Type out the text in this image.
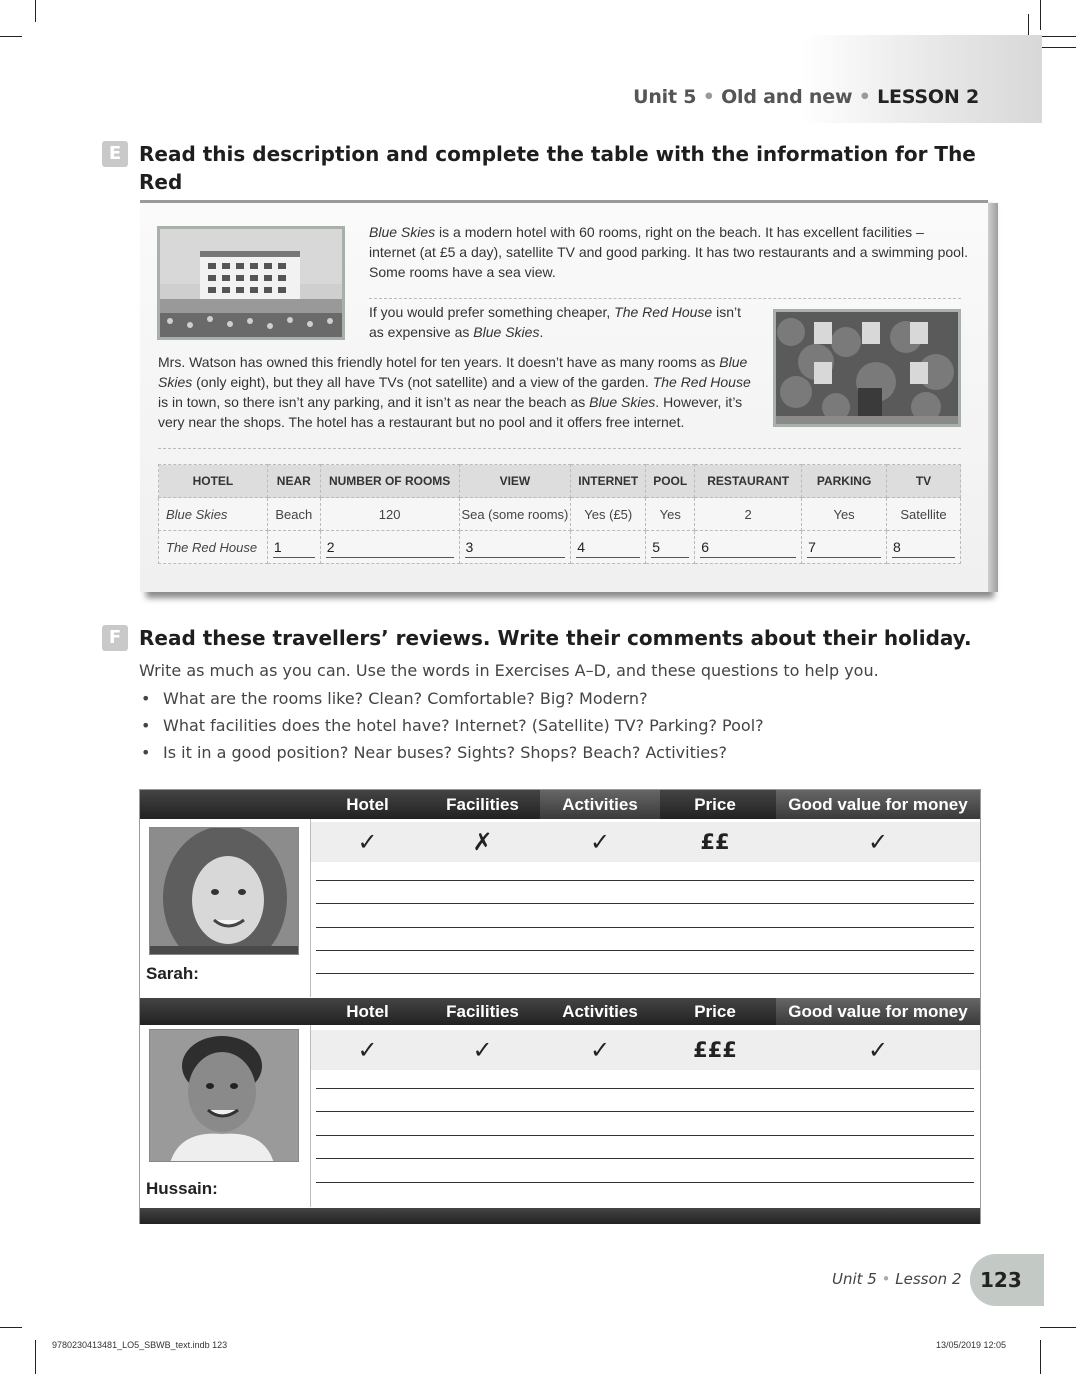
Unit 5 • Old and new • LESSON 2
E Read this description and complete the table with the information for The Red
Blue Skies is a modern hotel with 60 rooms, right on the beach. It has excellent facilities –
internet (at £5 a day), satellite TV and good parking. It has two restaurants and a swimming pool.
Some rooms have a sea view.
If you would prefer something cheaper, The Red House isn’t
as expensive as Blue Skies.
Mrs. Watson has owned this friendly hotel for ten years. It doesn’t have as many rooms as Blue
Skies (only eight), but they all have TVs (not satellite) and a view of the garden. The Red House
is in town, so there isn’t any parking, and it isn’t as near the beach as Blue Skies. However, it’s
very near the shops. The hotel has a restaurant but no pool and it offers free internet.
HOTEL	NEAR	NUMBER OF ROOMS	VIEW	INTERNET	POOL	RESTAURANT	PARKING	TV
Blue Skies	Beach	120	Sea (some rooms)	Yes (£5)	Yes	2	Yes	Satellite
The Red House	1	2	3	4	5	6	7	8
F Read these travellers’ reviews. Write their comments about their holiday.
Write as much as you can. Use the words in Exercises A–D, and these questions to help you.
• What are the rooms like? Clean? Comfortable? Big? Modern?
• What facilities does the hotel have? Internet? (Satellite) TV? Parking? Pool?
• Is it in a good position? Near buses? Sights? Shops? Beach? Activities?
Hotel	Facilities	Activities	Price	Good value for money
✓	✗	✓	££	✓
Sarah:
Hotel	Facilities	Activities	Price	Good value for money
✓	✓	✓	£££	✓
Hussain:
Unit 5 • Lesson 2 123
9780230413481_LO5_SBWB_text.indb 123	13/05/2019 12:05
